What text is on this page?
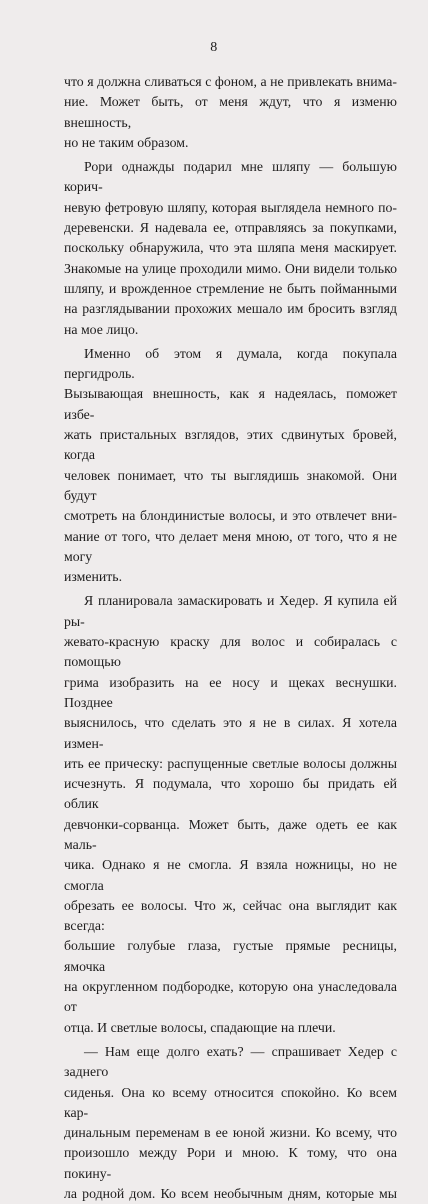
8

что я должна сливаться с фоном, а не привлекать внима-

ние. Может быть, от меня ждут, что я изменю внешность,

но не таким образом.

Рори однажды подарил мне шляпу — большую корич-

невую фетровую шляпу, которая выглядела немного по-

деревенски. Я надевала ее, отправляясь за покупками,

поскольку обнаружила, что эта шляпа меня маскирует.

Знакомые на улице проходили мимо. Они видели только

шляпу, и врожденное стремление не быть пойманными

на разглядывании прохожих мешало им бросить взгляд

на мое лицо.

Именно об этом я думала, когда покупала пергидроль.

Вызывающая внешность, как я надеялась, поможет избе-

жать пристальных взглядов, этих сдвинутых бровей, когда

человек понимает, что ты выглядишь знакомой. Они будут

смотреть на блондинистые волосы, и это отвлечет вни-

мание от того, что делает меня мною, от того, что я не могу

изменить.

Я планировала замаскировать и Хедер. Я купила ей ры-

жевато-красную краску для волос и собиралась с помощью

грима изобразить на ее носу и щеках веснушки. Позднее

выяснилось, что сделать это я не в силах. Я хотела измен-

ить ее прическу: распущенные светлые волосы должны

исчезнуть. Я подумала, что хорошо бы придать ей облик

девчонки-сорванца. Может быть, даже одеть ее как маль-

чика. Однако я не смогла. Я взяла ножницы, но не смогла

обрезать ее волосы. Что ж, сейчас она выглядит как всегда:

большие голубые глаза, густые прямые ресницы, ямочка

на округленном подбородке, которую она унаследовала от

отца. И светлые волосы, спадающие на плечи.

— Нам еще долго ехать? — спрашивает Хедер с заднего

сиденья. Она ко всему относится спокойно. Ко всем кар-

динальным переменам в ее юной жизни. Ко всему, что

произошло между Рори и мною. К тому, что она покину-

ла родной дом. Ко всем необычным дням, которые мы
